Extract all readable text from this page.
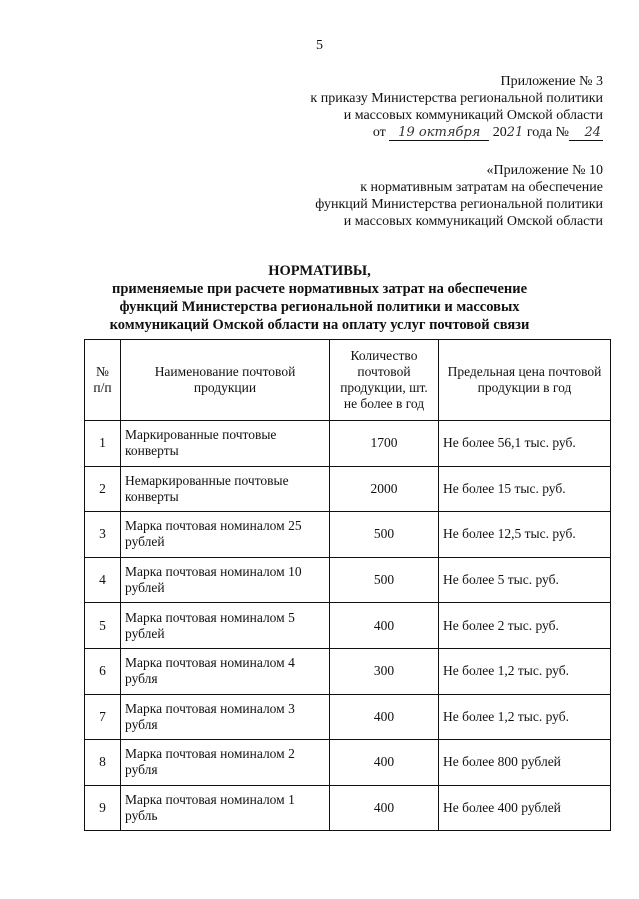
5
Приложение № 3
к приказу Министерства региональной политики
и массовых коммуникаций Омской области
от 19 октября 2021 года № 24
«Приложение № 10
к нормативным затратам на обеспечение
функций Министерства региональной политики
и массовых коммуникаций Омской области
НОРМАТИВЫ,
применяемые при расчете нормативных затрат на обеспечение
функций Министерства региональной политики и массовых
коммуникаций Омской области на оплату услуг почтовой связи
№ п/п	Наименование почтовой продукции	Количество почтовой продукции, шт. не более в год	Предельная цена почтовой продукции в год
1	Маркированные почтовые конверты	1700	Не более 56,1 тыс. руб.
2	Немаркированные почтовые конверты	2000	Не более 15 тыс. руб.
3	Марка почтовая номиналом 25 рублей	500	Не более 12,5 тыс. руб.
4	Марка почтовая номиналом 10 рублей	500	Не более 5 тыс. руб.
5	Марка почтовая номиналом 5 рублей	400	Не более 2 тыс. руб.
6	Марка почтовая номиналом 4 рубля	300	Не более 1,2 тыс. руб.
7	Марка почтовая номиналом 3 рубля	400	Не более 1,2 тыс. руб.
8	Марка почтовая номиналом 2 рубля	400	Не более 800 рублей
9	Марка почтовая номиналом 1 рубль	400	Не более 400 рублей
